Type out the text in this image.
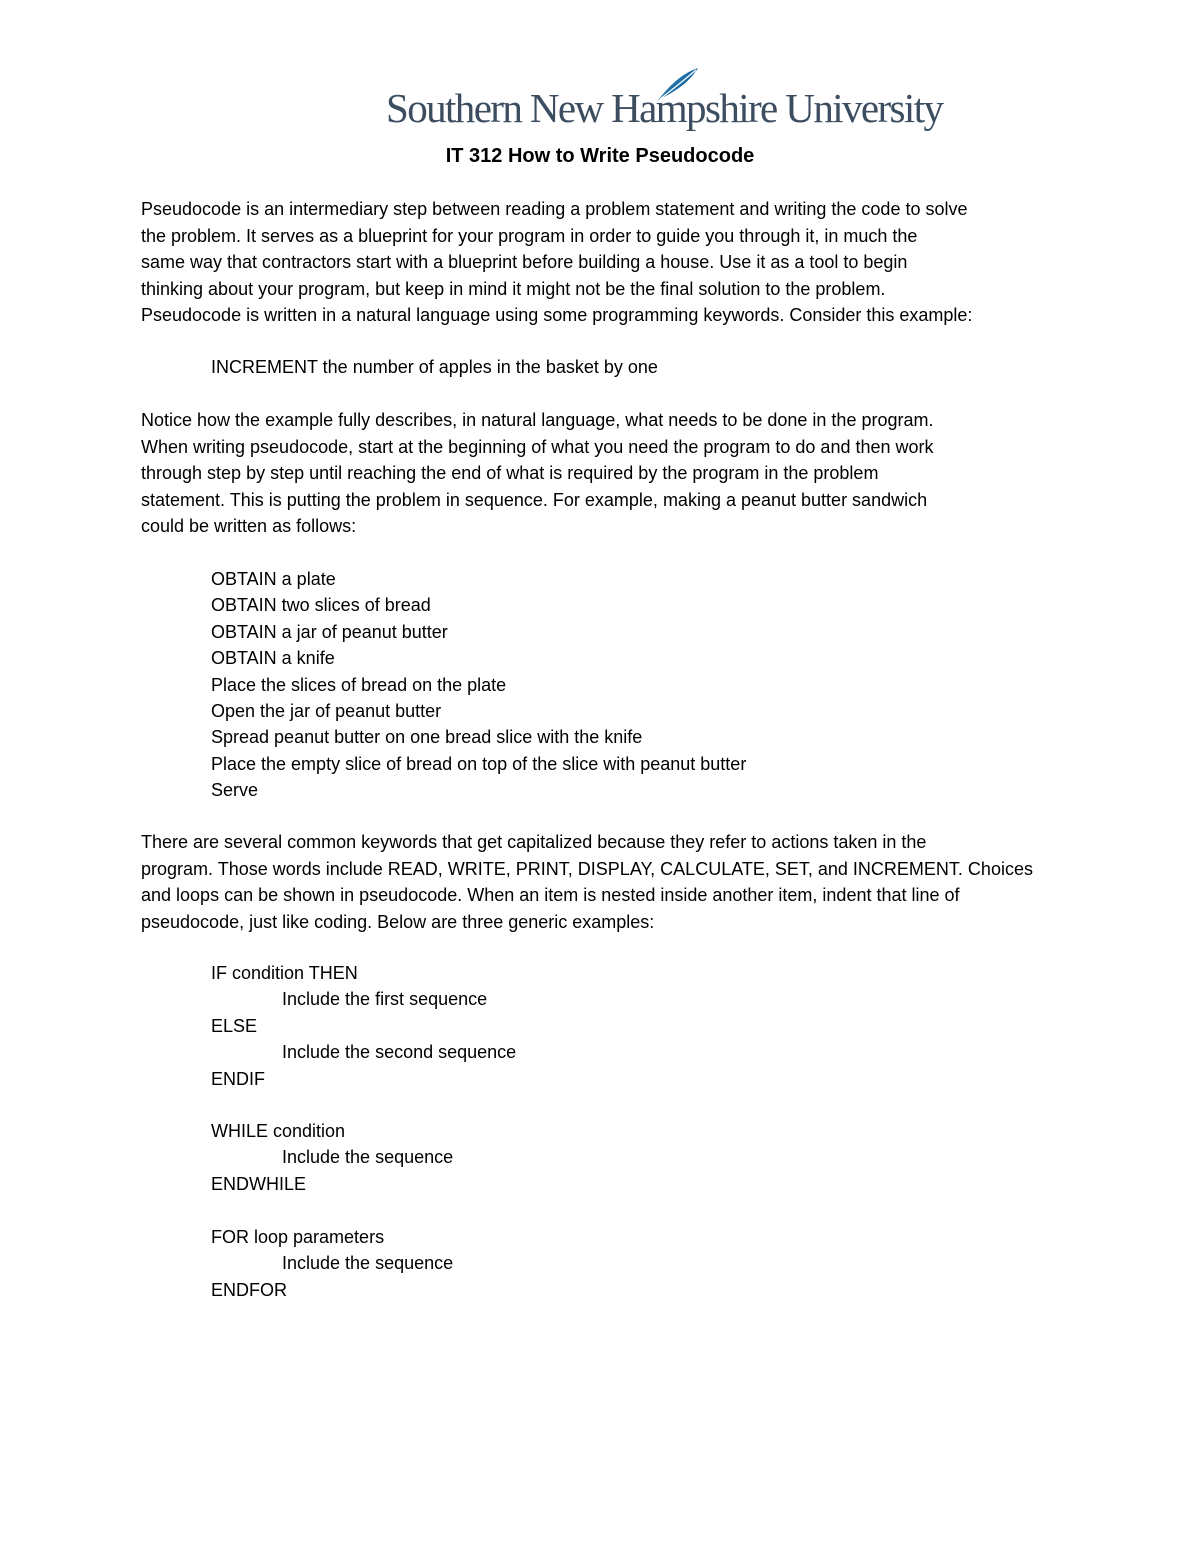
Southern New Hampshire University
IT 312 How to Write Pseudocode
Pseudocode is an intermediary step between reading a problem statement and writing the code to solve
the problem. It serves as a blueprint for your program in order to guide you through it, in much the
same way that contractors start with a blueprint before building a house. Use it as a tool to begin
thinking about your program, but keep in mind it might not be the final solution to the problem.
Pseudocode is written in a natural language using some programming keywords. Consider this example:
INCREMENT the number of apples in the basket by one
Notice how the example fully describes, in natural language, what needs to be done in the program.
When writing pseudocode, start at the beginning of what you need the program to do and then work
through step by step until reaching the end of what is required by the program in the problem
statement. This is putting the problem in sequence. For example, making a peanut butter sandwich
could be written as follows:
OBTAIN a plate
OBTAIN two slices of bread
OBTAIN a jar of peanut butter
OBTAIN a knife
Place the slices of bread on the plate
Open the jar of peanut butter
Spread peanut butter on one bread slice with the knife
Place the empty slice of bread on top of the slice with peanut butter
Serve
There are several common keywords that get capitalized because they refer to actions taken in the
program. Those words include READ, WRITE, PRINT, DISPLAY, CALCULATE, SET, and INCREMENT. Choices
and loops can be shown in pseudocode. When an item is nested inside another item, indent that line of
pseudocode, just like coding. Below are three generic examples:
IF condition THEN
Include the first sequence
ELSE
Include the second sequence
ENDIF
WHILE condition
Include the sequence
ENDWHILE
FOR loop parameters
Include the sequence
ENDFOR
